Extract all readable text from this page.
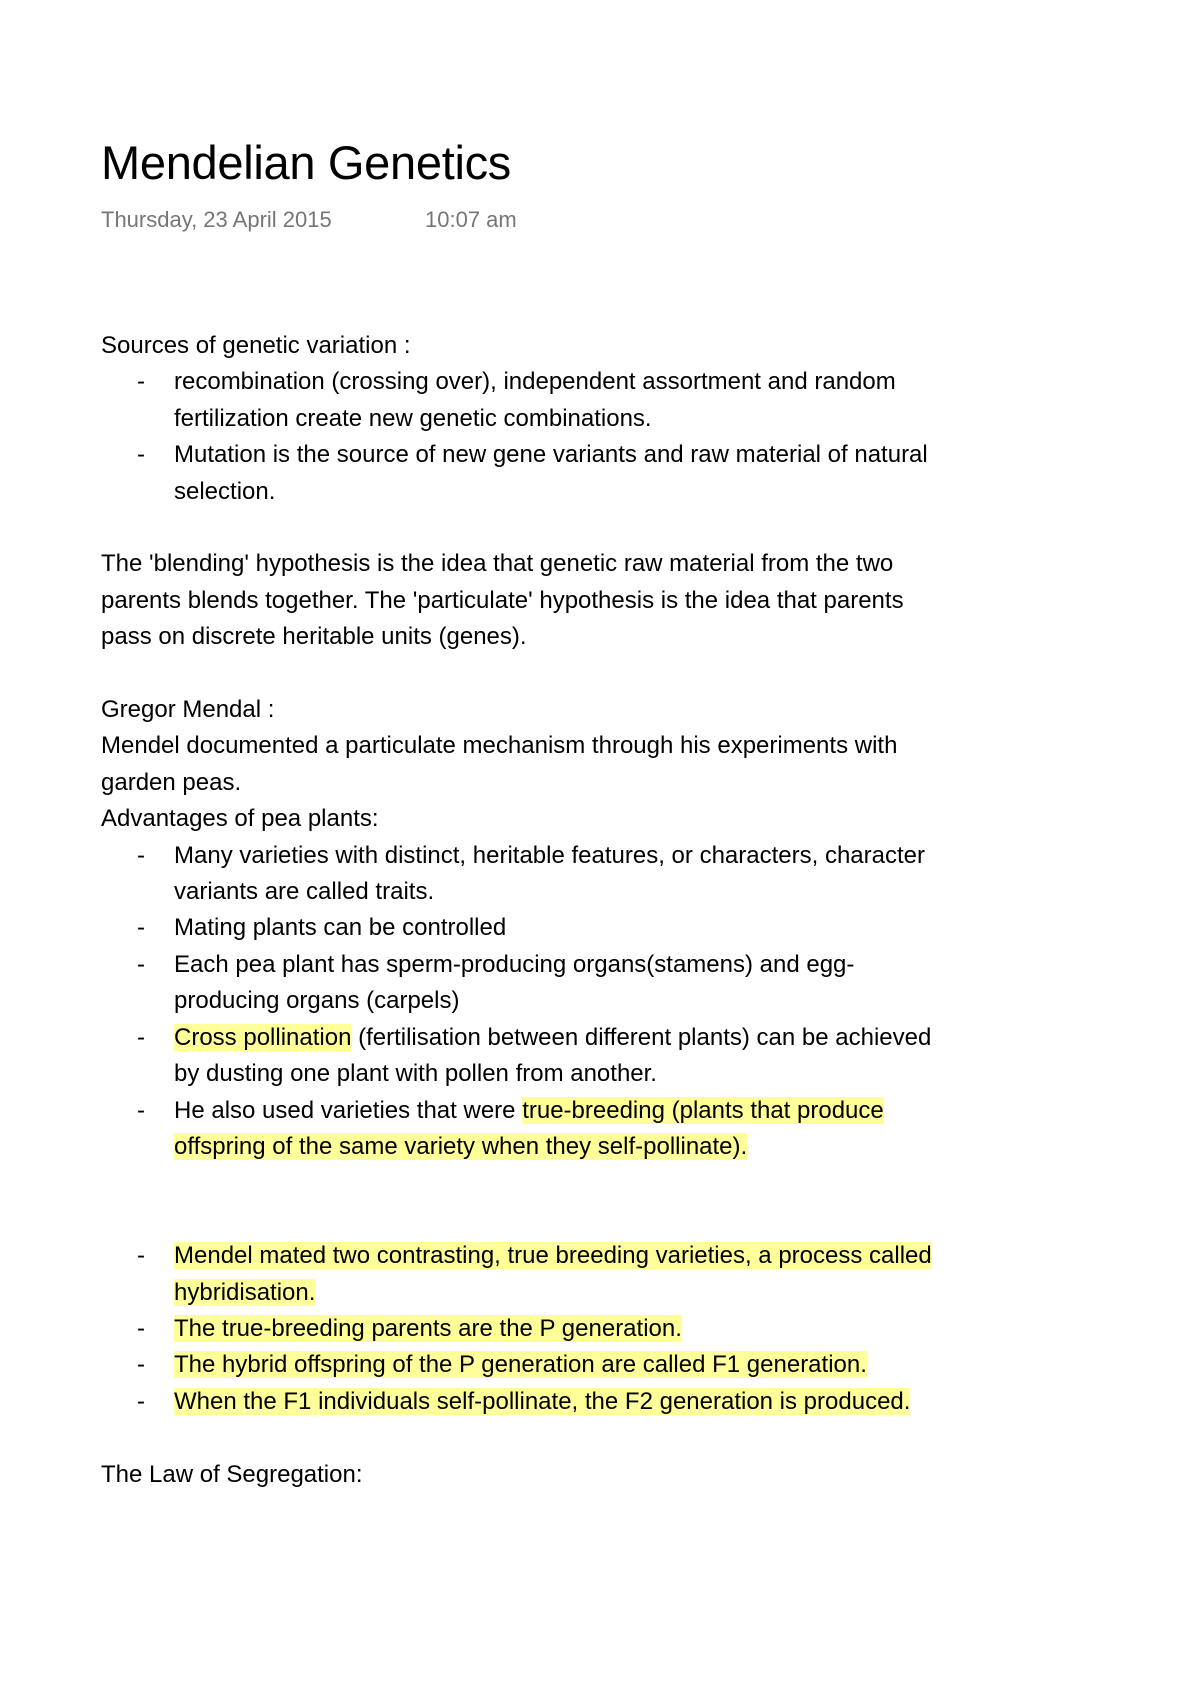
Mendelian Genetics
Thursday, 23 April 2015	10:07 am

Sources of genetic variation :

- recombination (crossing over), independent assortment and random fertilization create new genetic combinations.
- Mutation is the source of new gene variants and raw material of natural selection.

The 'blending' hypothesis is the idea that genetic raw material from the two parents blends together. The 'particulate' hypothesis is the idea that parents pass on discrete heritable units (genes).

Gregor Mendal :

Mendel documented a particulate mechanism through his experiments with garden peas.

Advantages of pea plants:

- Many varieties with distinct, heritable features, or characters, character variants are called traits.
- Mating plants can be controlled
- Each pea plant has sperm-producing organs(stamens) and egg-producing organs (carpels)
- Cross pollination (fertilisation between different plants) can be achieved by dusting one plant with pollen from another.
- He also used varieties that were true-breeding (plants that produce offspring of the same variety when they self-pollinate).
- Mendel mated two contrasting, true breeding varieties, a process called hybridisation.
- The true-breeding parents are the P generation.
- The hybrid offspring of the P generation are called F1 generation.
- When the F1 individuals self-pollinate, the F2 generation is produced.

The Law of Segregation:
